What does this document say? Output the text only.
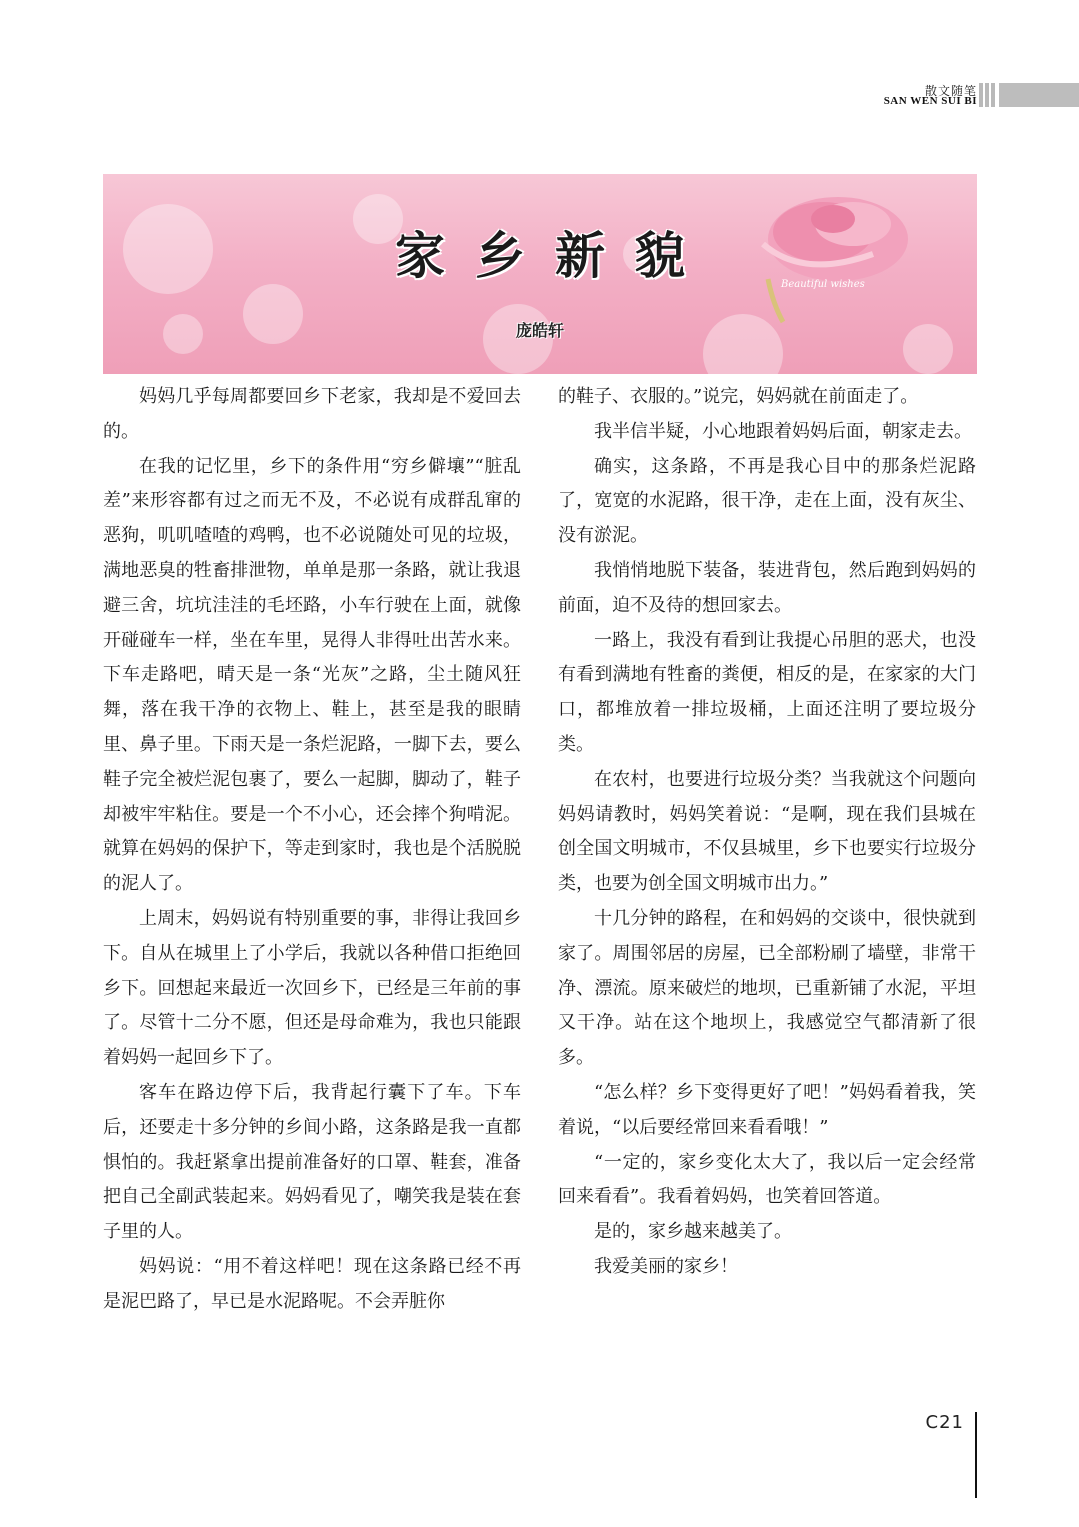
散文随笔
SAN WEN SUI BI
Beautiful wishes
家乡新貌
庞皓轩

妈妈几乎每周都要回乡下老家，我却是不爱回去的。

在我的记忆里，乡下的条件用“穷乡僻壤”“脏乱差”来形容都有过之而无不及，不必说有成群乱窜的恶狗，叽叽喳喳的鸡鸭，也不必说随处可见的垃圾，满地恶臭的牲畜排泄物，单单是那一条路，就让我退避三舍，坑坑洼洼的毛坯路，小车行驶在上面，就像开碰碰车一样，坐在车里，晃得人非得吐出苦水来。下车走路吧，晴天是一条“光灰”之路，尘土随风狂舞，落在我干净的衣物上、鞋上，甚至是我的眼睛里、鼻子里。下雨天是一条烂泥路，一脚下去，要么鞋子完全被烂泥包裹了，要么一起脚，脚动了，鞋子却被牢牢粘住。要是一个不小心，还会摔个狗啃泥。就算在妈妈的保护下，等走到家时，我也是个活脱脱的泥人了。

上周末，妈妈说有特别重要的事，非得让我回乡下。自从在城里上了小学后，我就以各种借口拒绝回乡下。回想起来最近一次回乡下，已经是三年前的事了。尽管十二分不愿，但还是母命难为，我也只能跟着妈妈一起回乡下了。

客车在路边停下后，我背起行囊下了车。下车后，还要走十多分钟的乡间小路，这条路是我一直都惧怕的。我赶紧拿出提前准备好的口罩、鞋套，准备把自己全副武装起来。妈妈看见了，嘲笑我是装在套子里的人。

妈妈说：“用不着这样吧！现在这条路已经不再是泥巴路了，早已是水泥路呢。不会弄脏你

的鞋子、衣服的。”说完，妈妈就在前面走了。

我半信半疑，小心地跟着妈妈后面，朝家走去。

确实，这条路，不再是我心目中的那条烂泥路了，宽宽的水泥路，很干净，走在上面，没有灰尘、没有淤泥。

我悄悄地脱下装备，装进背包，然后跑到妈妈的前面，迫不及待的想回家去。

一路上，我没有看到让我提心吊胆的恶犬，也没有看到满地有牲畜的粪便，相反的是，在家家的大门口，都堆放着一排垃圾桶，上面还注明了要垃圾分类。

在农村，也要进行垃圾分类？当我就这个问题向妈妈请教时，妈妈笑着说：“是啊，现在我们县城在创全国文明城市，不仅县城里，乡下也要实行垃圾分类，也要为创全国文明城市出力。”

十几分钟的路程，在和妈妈的交谈中，很快就到家了。周围邻居的房屋，已全部粉刷了墙壁，非常干净、漂流。原来破烂的地坝，已重新铺了水泥，平坦又干净。站在这个地坝上，我感觉空气都清新了很多。

“怎么样？乡下变得更好了吧！”妈妈看着我，笑着说，“以后要经常回来看看哦！”

“一定的，家乡变化太大了，我以后一定会经常回来看看”。我看着妈妈，也笑着回答道。

是的，家乡越来越美了。

我爱美丽的家乡！

C21
